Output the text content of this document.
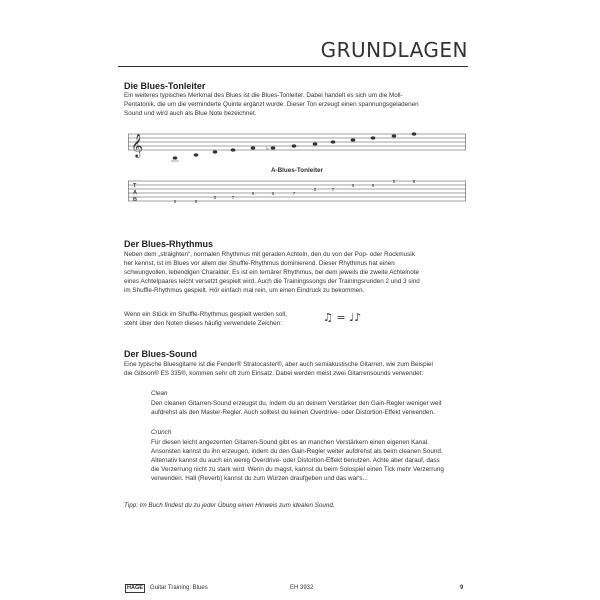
GRUNDLAGEN
Die Blues-Tonleiter
Ein weiteres typisches Merkmal des Blues ist die Blues-Tonleiter. Dabei handelt es sich um die Moll-
Pentatonik, die um die verminderte Quinte ergänzt wurde. Dieser Ton erzeugt einen spannungsgeladenen
Sound und wird auch als Blue Note bezeichnet.
𝄞	♭
A-Blues-Tonleiter
T
A
B	5	8
5	7
5	6	7
5	7
5	8
5	8
Der Blues-Rhythmus
Neben dem „straighten“, normalen Rhythmus mit geraden Achteln, den du von der Pop- oder Rockmusik
her kennst, ist im Blues vor allem der Shuffle-Rhythmus dominierend. Dieser Rhythmus hat einen
schwungvollen, lebendigen Charakter. Es ist ein ternärer Rhythmus, bei dem jeweils die zweite Achtelnote
eines Achtelpaares leicht versetzt gespielt wird. Auch die Trainingssongs der Trainingsrunden 2 und 3 sind
im Shuffle-Rhythmus gespielt. Hör einfach mal rein, um einen Eindruck zu bekommen.
Wenn ein Stück im Shuffle-Rhythmus gespielt werden soll,
steht über den Noten dieses häufig verwendete Zeichen:	♫ = ♩♪
Der Blues-Sound
Eine typische Bluesgitarre ist die Fender® Stratocaster®, aber auch semiakustische Gitarren, wie zum Beispiel
die Gibson® ES 335®, kommen sehr oft zum Einsatz. Dabei werden meist zwei Gitarrensounds verwendet:
Clean
Den cleanen Gitarren-Sound erzeugst du, indem du an deinem Verstärker den Gain-Regler weniger weit
aufdrehst als den Master-Regler. Auch solltest du keinen Overdrive- oder Distortion-Effekt verwenden.
Crunch
Für diesen leicht angezerrten Gitarren-Sound gibt es an manchen Verstärkern einen eigenen Kanal.
Ansonsten kannst du ihn erzeugen, indem du den Gain-Regler weiter aufdrehst als beim cleanen Sound.
Alternativ kannst du auch ein wenig Overdrive- oder Distortion-Effekt benutzen. Achte aber darauf, dass
die Verzerrung nicht zu stark wird. Wenn du magst, kannst du beim Solospiel einen Tick mehr Verzerrung
verwenden. Hall (Reverb) kannst du zum Würzen draufgeben und das war's...
Tipp: Im Buch findest du zu jeder Übung einen Hinweis zum idealen Sound.
HAGE	Guitar Training: Blues	EH 3932	9
